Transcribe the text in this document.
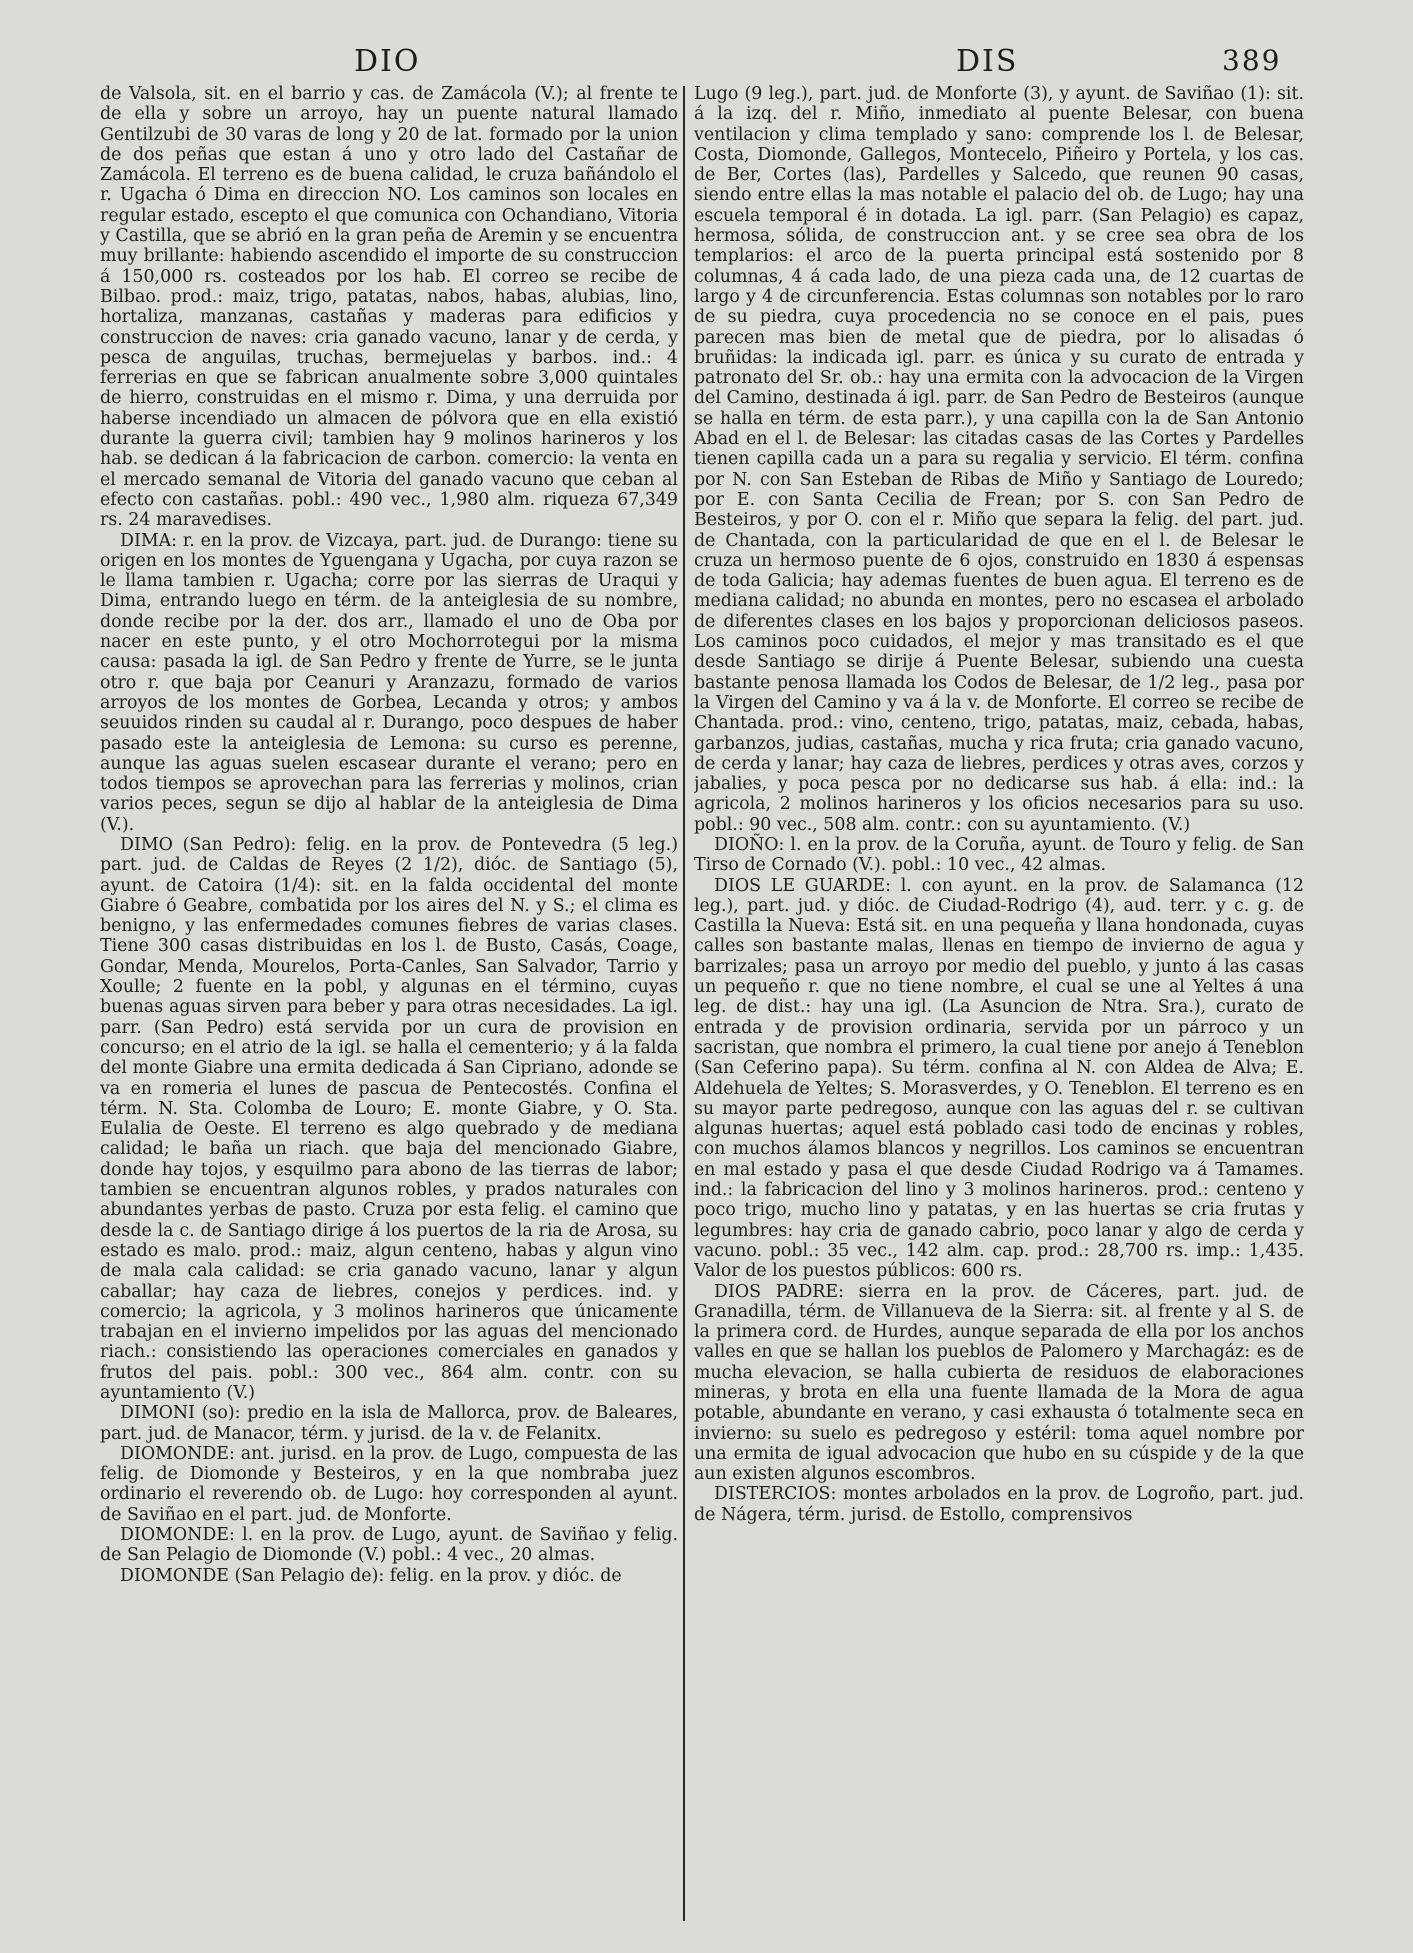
DIO	DIS	389

de Valsola, sit. en el barrio y cas. de Zamácola (V.); al frente te de ella y sobre un arroyo, hay un puente natural llamado Gentilzubi de 30 varas de long y 20 de lat. formado por la union de dos peñas que estan á uno y otro lado del Castañar de Zamácola. El terreno es de buena calidad, le cruza bañándolo el r. Ugacha ó Dima en direccion NO. Los caminos son locales en regular estado, escepto el que comunica con Ochandiano, Vitoria y Castilla, que se abrió en la gran peña de Aremin y se encuentra muy brillante: habiendo ascendido el importe de su construccion á 150,000 rs. costeados por los hab. El correo se recibe de Bilbao. prod.: maiz, trigo, patatas, nabos, habas, alubias, lino, hortaliza, manzanas, castañas y maderas para edificios y construccion de naves: cria ganado vacuno, lanar y de cerda, y pesca de anguilas, truchas, bermejuelas y barbos. ind.: 4 ferrerias en que se fabrican anualmente sobre 3,000 quintales de hierro, construidas en el mismo r. Dima, y una derruida por haberse incendiado un almacen de pólvora que en ella existió durante la guerra civil; tambien hay 9 molinos harineros y los hab. se dedican á la fabricacion de carbon. comercio: la venta en el mercado semanal de Vitoria del ganado vacuno que ceban al efecto con castañas. pobl.: 490 vec., 1,980 alm. riqueza 67,349 rs. 24 maravedises.

DIMA: r. en la prov. de Vizcaya, part. jud. de Durango: tiene su origen en los montes de Yguengana y Ugacha, por cuya razon se le llama tambien r. Ugacha; corre por las sierras de Uraqui y Dima, entrando luego en térm. de la anteiglesia de su nombre, donde recibe por la der. dos arr., llamado el uno de Oba por nacer en este punto, y el otro Mochorrotegui por la misma causa: pasada la igl. de San Pedro y frente de Yurre, se le junta otro r. que baja por Ceanuri y Aranzazu, formado de varios arroyos de los montes de Gorbea, Lecanda y otros; y ambos seuuidos rinden su caudal al r. Durango, poco despues de haber pasado este la anteiglesia de Lemona: su curso es perenne, aunque las aguas suelen escasear durante el verano; pero en todos tiempos se aprovechan para las ferrerias y molinos, crian varios peces, segun se dijo al hablar de la anteiglesia de Dima (V.).

DIMO (San Pedro): felig. en la prov. de Pontevedra (5 leg.) part. jud. de Caldas de Reyes (2 1/2), dióc. de Santiago (5), ayunt. de Catoira (1/4): sit. en la falda occidental del monte Giabre ó Geabre, combatida por los aires del N. y S.; el clima es benigno, y las enfermedades comunes fiebres de varias clases. Tiene 300 casas distribuidas en los l. de Busto, Casás, Coage, Gondar, Menda, Mourelos, Porta-Canles, San Salvador, Tarrio y Xoulle; 2 fuente en la pobl, y algunas en el término, cuyas buenas aguas sirven para beber y para otras necesidades. La igl. parr. (San Pedro) está servida por un cura de provision en concurso; en el atrio de la igl. se halla el cementerio; y á la falda del monte Giabre una ermita dedicada á San Cipriano, adonde se va en romeria el lunes de pascua de Pentecostés. Confina el térm. N. Sta. Colomba de Louro; E. monte Giabre, y O. Sta. Eulalia de Oeste. El terreno es algo quebrado y de mediana calidad; le baña un riach. que baja del mencionado Giabre, donde hay tojos, y esquilmo para abono de las tierras de labor; tambien se encuentran algunos robles, y prados naturales con abundantes yerbas de pasto. Cruza por esta felig. el camino que desde la c. de Santiago dirige á los puertos de la ria de Arosa, su estado es malo. prod.: maiz, algun centeno, habas y algun vino de mala cala calidad: se cria ganado vacuno, lanar y algun caballar; hay caza de liebres, conejos y perdices. ind. y comercio; la agricola, y 3 molinos harineros que únicamente trabajan en el invierno impelidos por las aguas del mencionado riach.: consistiendo las operaciones comerciales en ganados y frutos del pais. pobl.: 300 vec., 864 alm. contr. con su ayuntamiento (V.)

DIMONI (so): predio en la isla de Mallorca, prov. de Baleares, part. jud. de Manacor, térm. y jurisd. de la v. de Felanitx.

DIOMONDE: ant. jurisd. en la prov. de Lugo, compuesta de las felig. de Diomonde y Besteiros, y en la que nombraba juez ordinario el reverendo ob. de Lugo: hoy corresponden al ayunt. de Saviñao en el part. jud. de Monforte.

DIOMONDE: l. en la prov. de Lugo, ayunt. de Saviñao y felig. de San Pelagio de Diomonde (V.) pobl.: 4 vec., 20 almas.

DIOMONDE (San Pelagio de): felig. en la prov. y dióc. de

Lugo (9 leg.), part. jud. de Monforte (3), y ayunt. de Saviñao (1): sit. á la izq. del r. Miño, inmediato al puente Belesar, con buena ventilacion y clima templado y sano: comprende los l. de Belesar, Costa, Diomonde, Gallegos, Montecelo, Piñeiro y Portela, y los cas. de Ber, Cortes (las), Pardelles y Salcedo, que reunen 90 casas, siendo entre ellas la mas notable el palacio del ob. de Lugo; hay una escuela temporal é in dotada. La igl. parr. (San Pelagio) es capaz, hermosa, sólida, de construccion ant. y se cree sea obra de los templarios: el arco de la puerta principal está sostenido por 8 columnas, 4 á cada lado, de una pieza cada una, de 12 cuartas de largo y 4 de circunferencia. Estas columnas son notables por lo raro de su piedra, cuya procedencia no se conoce en el pais, pues parecen mas bien de metal que de piedra, por lo alisadas ó bruñidas: la indicada igl. parr. es única y su curato de entrada y patronato del Sr. ob.: hay una ermita con la advocacion de la Virgen del Camino, destinada á igl. parr. de San Pedro de Besteiros (aunque se halla en térm. de esta parr.), y una capilla con la de San Antonio Abad en el l. de Belesar: las citadas casas de las Cortes y Pardelles tienen capilla cada un a para su regalia y servicio. El térm. confina por N. con San Esteban de Ribas de Miño y Santiago de Louredo; por E. con Santa Cecilia de Frean; por S. con San Pedro de Besteiros, y por O. con el r. Miño que separa la felig. del part. jud. de Chantada, con la particularidad de que en el l. de Belesar le cruza un hermoso puente de 6 ojos, construido en 1830 á espensas de toda Galicia; hay ademas fuentes de buen agua. El terreno es de mediana calidad; no abunda en montes, pero no escasea el arbolado de diferentes clases en los bajos y proporcionan deliciosos paseos. Los caminos poco cuidados, el mejor y mas transitado es el que desde Santiago se dirije á Puente Belesar, subiendo una cuesta bastante penosa llamada los Codos de Belesar, de 1/2 leg., pasa por la Virgen del Camino y va á la v. de Monforte. El correo se recibe de Chantada. prod.: vino, centeno, trigo, patatas, maiz, cebada, habas, garbanzos, judias, castañas, mucha y rica fruta; cria ganado vacuno, de cerda y lanar; hay caza de liebres, perdices y otras aves, corzos y jabalies, y poca pesca por no dedicarse sus hab. á ella: ind.: la agricola, 2 molinos harineros y los oficios necesarios para su uso. pobl.: 90 vec., 508 alm. contr.: con su ayuntamiento. (V.)

DIOÑO: l. en la prov. de la Coruña, ayunt. de Touro y felig. de San Tirso de Cornado (V.). pobl.: 10 vec., 42 almas.

DIOS LE GUARDE: l. con ayunt. en la prov. de Salamanca (12 leg.), part. jud. y dióc. de Ciudad-Rodrigo (4), aud. terr. y c. g. de Castilla la Nueva: Está sit. en una pequeña y llana hondonada, cuyas calles son bastante malas, llenas en tiempo de invierno de agua y barrizales; pasa un arroyo por medio del pueblo, y junto á las casas un pequeño r. que no tiene nombre, el cual se une al Yeltes á una leg. de dist.: hay una igl. (La Asuncion de Ntra. Sra.), curato de entrada y de provision ordinaria, servida por un párroco y un sacristan, que nombra el primero, la cual tiene por anejo á Teneblon (San Ceferino papa). Su térm. confina al N. con Aldea de Alva; E. Aldehuela de Yeltes; S. Morasverdes, y O. Teneblon. El terreno es en su mayor parte pedregoso, aunque con las aguas del r. se cultivan algunas huertas; aquel está poblado casi todo de encinas y robles, con muchos álamos blancos y negrillos. Los caminos se encuentran en mal estado y pasa el que desde Ciudad Rodrigo va á Tamames. ind.: la fabricacion del lino y 3 molinos harineros. prod.: centeno y poco trigo, mucho lino y patatas, y en las huertas se cria frutas y legumbres: hay cria de ganado cabrio, poco lanar y algo de cerda y vacuno. pobl.: 35 vec., 142 alm. cap. prod.: 28,700 rs. imp.: 1,435. Valor de los puestos públicos: 600 rs.

DIOS PADRE: sierra en la prov. de Cáceres, part. jud. de Granadilla, térm. de Villanueva de la Sierra: sit. al frente y al S. de la primera cord. de Hurdes, aunque separada de ella por los anchos valles en que se hallan los pueblos de Palomero y Marchagáz: es de mucha elevacion, se halla cubierta de residuos de elaboraciones mineras, y brota en ella una fuente llamada de la Mora de agua potable, abundante en verano, y casi exhausta ó totalmente seca en invierno: su suelo es pedregoso y estéril: toma aquel nombre por una ermita de igual advocacion que hubo en su cúspide y de la que aun existen algunos escombros.

DISTERCIOS: montes arbolados en la prov. de Logroño, part. jud. de Nágera, térm. jurisd. de Estollo, comprensivos
